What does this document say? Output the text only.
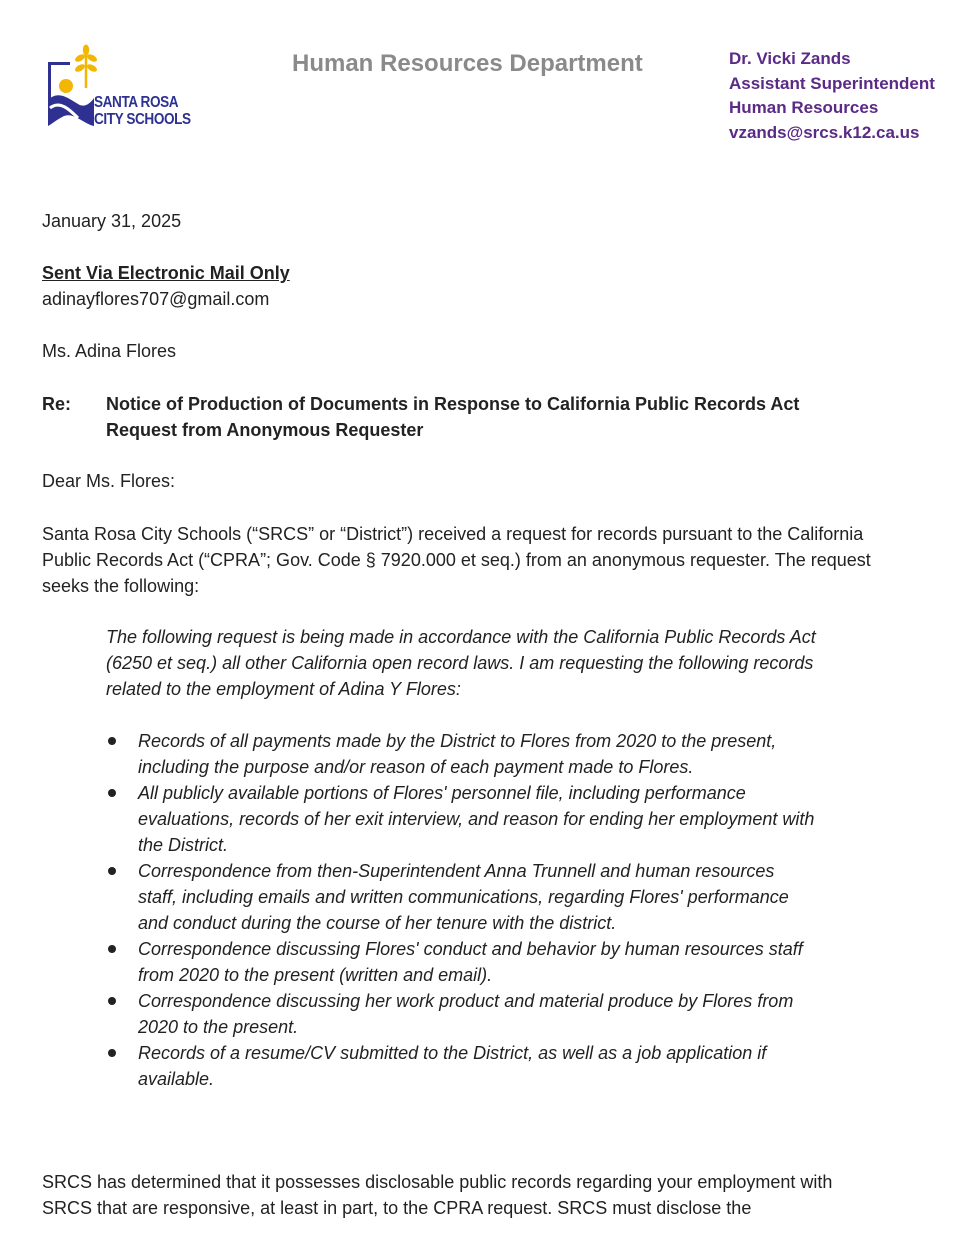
SANTA ROSA
CITY SCHOOLS
Human Resources Department	Dr. Vicki Zands
Assistant Superintendent
Human Resources
vzands@srcs.k12.ca.us
January 31, 2025
Sent Via Electronic Mail Only
adinayflores707@gmail.com
Ms. Adina Flores
Re: Notice of Production of Documents in Response to California Public Records Act Request from Anonymous Requester
Dear Ms. Flores:
Santa Rosa City Schools (“SRCS” or “District”) received a request for records pursuant to the California Public Records Act (“CPRA”; Gov. Code § 7920.000 et seq.) from an anonymous requester. The request seeks the following:
The following request is being made in accordance with the California Public Records Act (6250 et seq.) all other California open record laws. I am requesting the following records related to the employment of Adina Y Flores:
Records of all payments made by the District to Flores from 2020 to the present, including the purpose and/or reason of each payment made to Flores.
All publicly available portions of Flores' personnel file, including performance evaluations, records of her exit interview, and reason for ending her employment with the District.
Correspondence from then-Superintendent Anna Trunnell and human resources staff, including emails and written communications, regarding Flores' performance and conduct during the course of her tenure with the district.
Correspondence discussing Flores' conduct and behavior by human resources staff from 2020 to the present (written and email).
Correspondence discussing her work product and material produce by Flores from 2020 to the present.
Records of a resume/CV submitted to the District, as well as a job application if available.
SRCS has determined that it possesses disclosable public records regarding your employment with SRCS that are responsive, at least in part, to the CPRA request. SRCS must disclose the
